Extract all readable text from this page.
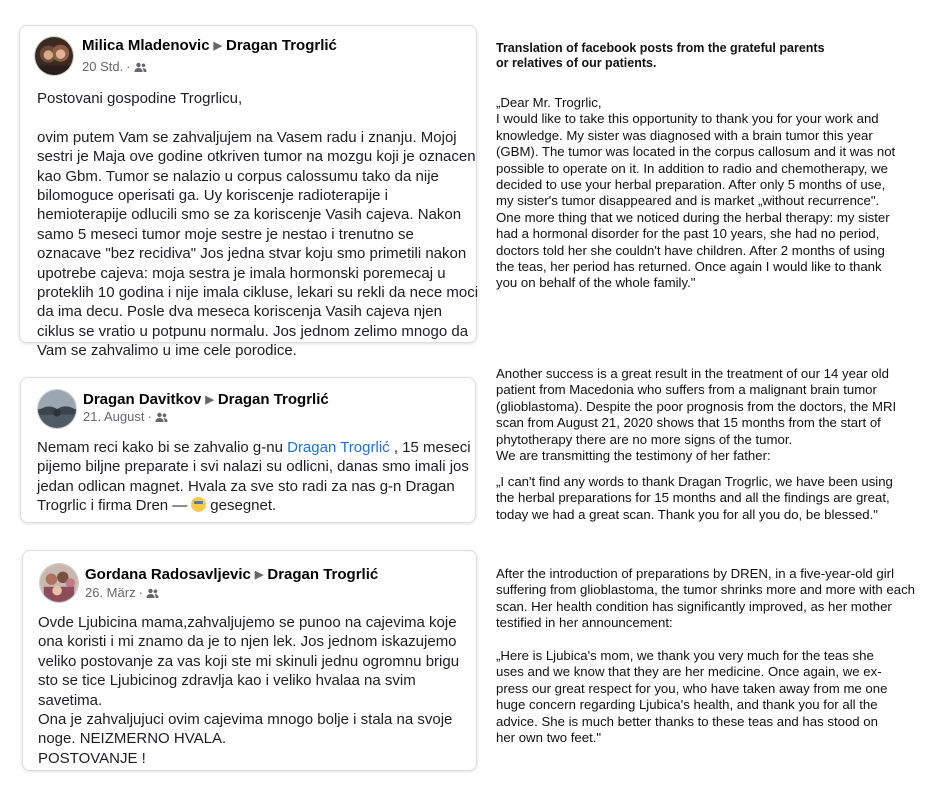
Milica Mladenovic ▶ Dragan Trogrlić
20 Std. ·

Postovani gospodine Trogrlicu,

ovim putem Vam se zahvaljujem na Vasem radu i znanju. Mojoj

sestri je Maja ove godine otkriven tumor na mozgu koji je oznacen

kao Gbm. Tumor se nalazio u corpus calossumu tako da nije

bilomoguce operisati ga. Uy koriscenje radioterapije i

hemioterapije odlucili smo se za koriscenje Vasih cajeva. Nakon

samo 5 meseci tumor moje sestre je nestao i trenutno se

oznacave "bez recidiva" Jos jedna stvar koju smo primetili nakon

upotrebe cajeva: moja sestra je imala hormonski poremecaj u

proteklih 10 godina i nije imala cikluse, lekari su rekli da nece moci

da ima decu. Posle dva meseca koriscenja Vasih cajeva njen

ciklus se vratio u potpunu normalu. Jos jednom zelimo mnogo da

Vam se zahvalimo u ime cele porodice.

Dragan Davitkov ▶ Dragan Trogrlić
21. August ·

Nemam reci kako bi se zahvalio g-nu Dragan Trogrlić , 15 meseci

pijemo biljne preparate i svi nalazi su odlicni, danas smo imali jos

jedan odlican magnet. Hvala za sve sto radi za nas g-n Dragan

Trogrlic i firma Dren — gesegnet.

Gordana Radosavljevic ▶ Dragan Trogrlić
26. März ·

Ovde Ljubicina mama,zahvaljujemo se punoo na cajevima koje

ona koristi i mi znamo da je to njen lek. Jos jednom iskazujemo

veliko postovanje za vas koji ste mi skinuli jednu ogromnu brigu

sto se tice Ljubicinog zdravlja kao i veliko hvalaa na svim

savetima.

Ona je zahvaljujuci ovim cajevima mnogo bolje i stala na svoje

noge. NEIZMERNO HVALA.

POSTOVANJE !

Translation of facebook posts from the grateful parents

or relatives of our patients.

„Dear Mr. Trogrlic,

I would like to take this opportunity to thank you for your work and

knowledge. My sister was diagnosed with a brain tumor this year

(GBM). The tumor was located in the corpus callosum and it was not

possible to operate on it. In addition to radio and chemotherapy, we

decided to use your herbal preparation. After only 5 months of use,

my sister's tumor disappeared and is market „without recurrence".

One more thing that we noticed during the herbal therapy: my sister

had a hormonal disorder for the past 10 years, she had no period,

doctors told her she couldn't have children. After 2 months of using

the teas, her period has returned. Once again I would like to thank

you on behalf of the whole family."

Another success is a great result in the treatment of our 14 year old

patient from Macedonia who suffers from a malignant brain tumor

(glioblastoma). Despite the poor prognosis from the doctors, the MRI

scan from August 21, 2020 shows that 15 months from the start of

phytotherapy there are no more signs of the tumor.

We are transmitting the testimony of her father:

„I can't find any words to thank Dragan Trogrlic, we have been using

the herbal preparations for 15 months and all the findings are great,

today we had a great scan. Thank you for all you do, be blessed."

After the introduction of preparations by DREN, in a five-year-old girl

suffering from glioblastoma, the tumor shrinks more and more with each

scan. Her health condition has significantly improved, as her mother

testified in her announcement:

„Here is Ljubica's mom, we thank you very much for the teas she

uses and we know that they are her medicine. Once again, we ex-

press our great respect for you, who have taken away from me one

huge concern regarding Ljubica's health, and thank you for all the

advice. She is much better thanks to these teas and has stood on

her own two feet."
